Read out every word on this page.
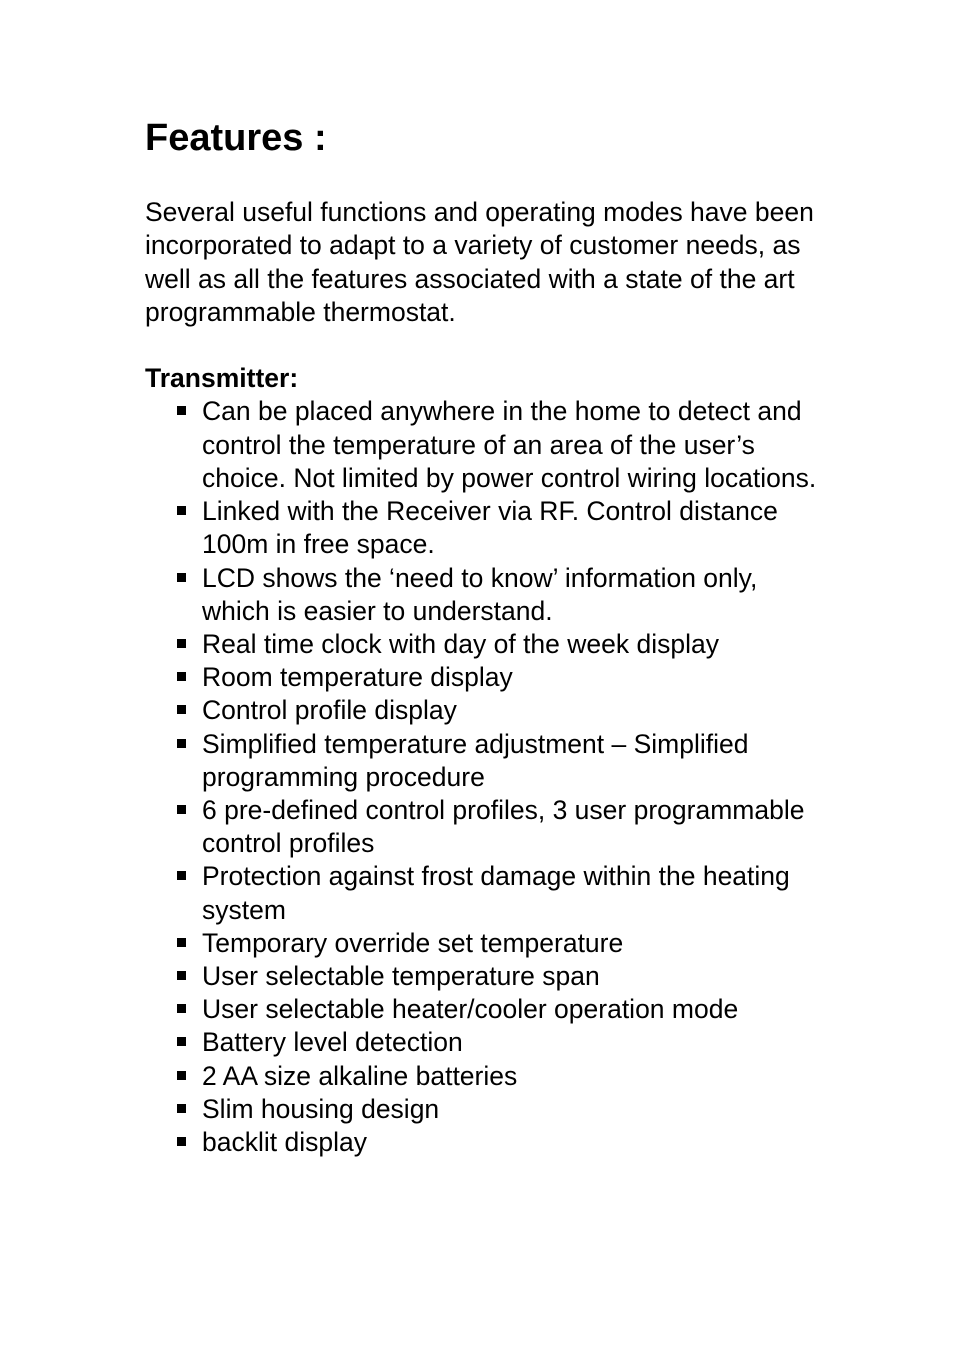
Features :

Several useful functions and operating modes have been incorporated to adapt to a variety of customer needs, as well as all the features associated with a state of the art programmable thermostat.

Transmitter:
Can be placed anywhere in the home to detect and control the temperature of an area of the user’s choice. Not limited by power control wiring locations.
Linked with the Receiver via RF. Control distance 100m in free space.
LCD shows the ‘need to know’ information only, which is easier to understand.
Real time clock with day of the week display
Room temperature display
Control profile display
Simplified temperature adjustment – Simplified programming procedure
6 pre-defined control profiles, 3 user programmable control profiles
Protection against frost damage within the heating system
Temporary override set temperature
User selectable temperature span
User selectable heater/cooler operation mode
Battery level detection
2 AA size alkaline batteries
Slim housing design
backlit display
